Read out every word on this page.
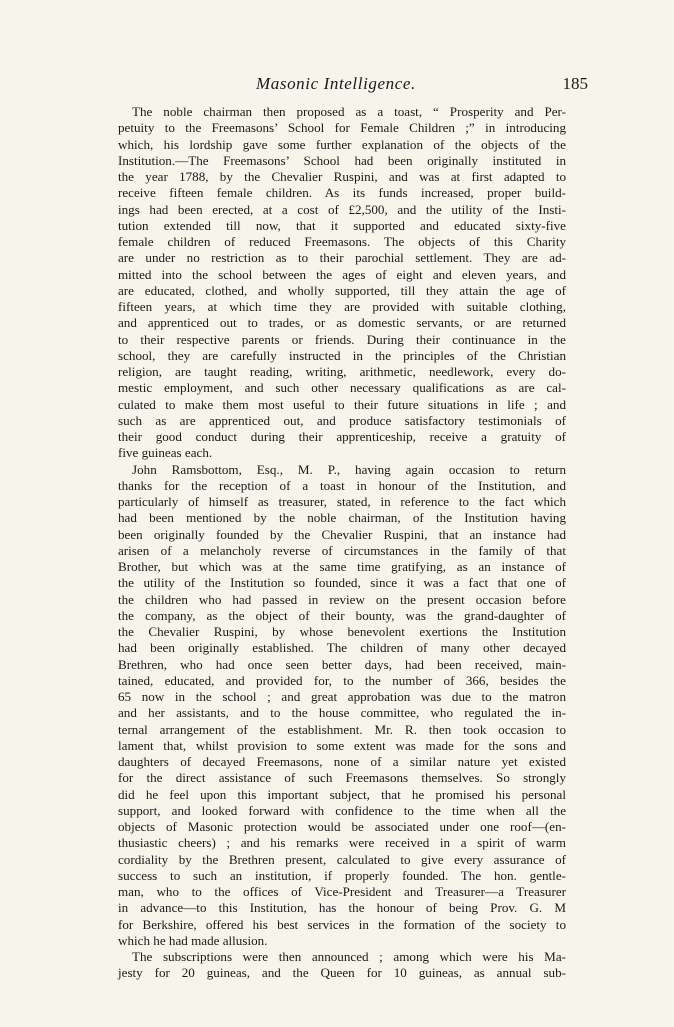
Masonic Intelligence.	185
The noble chairman then proposed as a toast, “ Prosperity and Per-
petuity to the Freemasons’ School for Female Children ;” in introducing
which, his lordship gave some further explanation of the objects of the
Institution.—The Freemasons’ School had been originally instituted in
the year 1788, by the Chevalier Ruspini, and was at first adapted to
receive fifteen female children. As its funds increased, proper build-
ings had been erected, at a cost of £2,500, and the utility of the Insti-
tution extended till now, that it supported and educated sixty-five
female children of reduced Freemasons. The objects of this Charity
are under no restriction as to their parochial settlement. They are ad-
mitted into the school between the ages of eight and eleven years, and
are educated, clothed, and wholly supported, till they attain the age of
fifteen years, at which time they are provided with suitable clothing,
and apprenticed out to trades, or as domestic servants, or are returned
to their respective parents or friends. During their continuance in the
school, they are carefully instructed in the principles of the Christian
religion, are taught reading, writing, arithmetic, needlework, every do-
mestic employment, and such other necessary qualifications as are cal-
culated to make them most useful to their future situations in life ; and
such as are apprenticed out, and produce satisfactory testimonials of
their good conduct during their apprenticeship, receive a gratuity of
five guineas each.
John Ramsbottom, Esq., M. P., having again occasion to return
thanks for the reception of a toast in honour of the Institution, and
particularly of himself as treasurer, stated, in reference to the fact which
had been mentioned by the noble chairman, of the Institution having
been originally founded by the Chevalier Ruspini, that an instance had
arisen of a melancholy reverse of circumstances in the family of that
Brother, but which was at the same time gratifying, as an instance of
the utility of the Institution so founded, since it was a fact that one of
the children who had passed in review on the present occasion before
the company, as the object of their bounty, was the grand-daughter of
the Chevalier Ruspini, by whose benevolent exertions the Institution
had been originally established. The children of many other decayed
Brethren, who had once seen better days, had been received, main-
tained, educated, and provided for, to the number of 366, besides the
65 now in the school ; and great approbation was due to the matron
and her assistants, and to the house committee, who regulated the in-
ternal arrangement of the establishment. Mr. R. then took occasion to
lament that, whilst provision to some extent was made for the sons and
daughters of decayed Freemasons, none of a similar nature yet existed
for the direct assistance of such Freemasons themselves. So strongly
did he feel upon this important subject, that he promised his personal
support, and looked forward with confidence to the time when all the
objects of Masonic protection would be associated under one roof—(en-
thusiastic cheers) ; and his remarks were received in a spirit of warm
cordiality by the Brethren present, calculated to give every assurance of
success to such an institution, if properly founded. The hon. gentle-
man, who to the offices of Vice-President and Treasurer—a Treasurer
in advance—to this Institution, has the honour of being Prov. G. M
for Berkshire, offered his best services in the formation of the society to
which he had made allusion.
The subscriptions were then announced ; among which were his Ma-
jesty for 20 guineas, and the Queen for 10 guineas, as annual sub-
